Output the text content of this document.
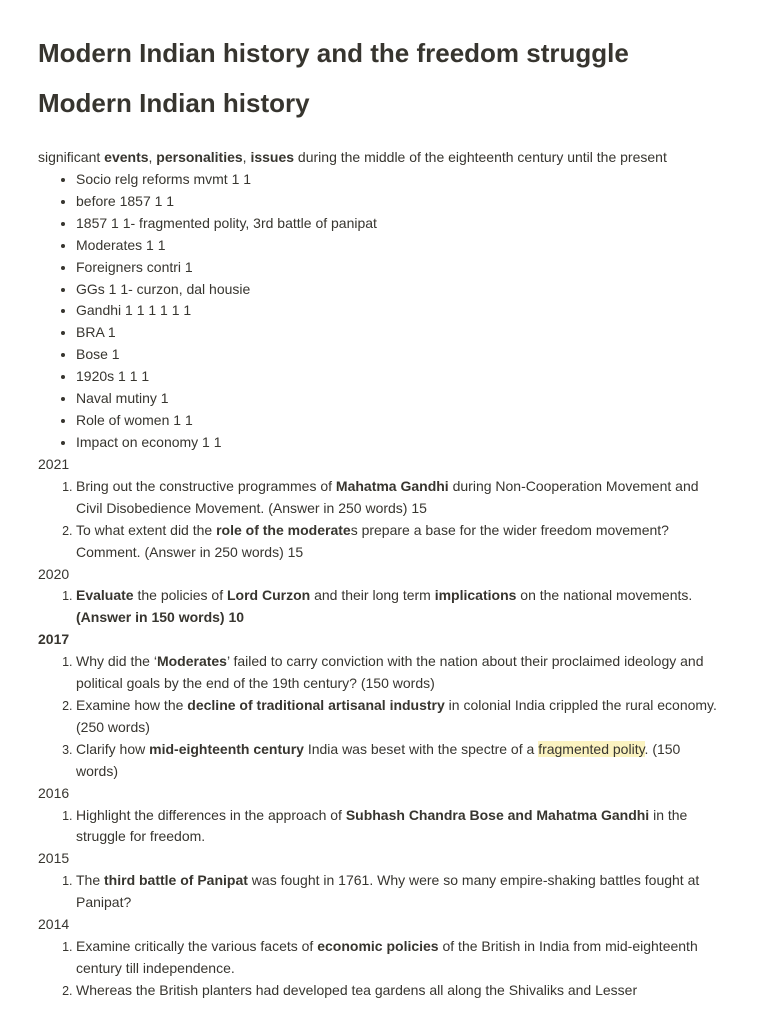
Modern Indian history and the freedom struggle
Modern Indian history
significant events, personalities, issues during the middle of the eighteenth century until the present
• Socio relg reforms mvmt 1 1
• before 1857 1 1
• 1857 1 1- fragmented polity, 3rd battle of panipat
• Moderates 1 1
• Foreigners contri 1
• GGs 1 1- curzon, dal housie
• Gandhi 1 1 1 1 1 1
• BRA 1
• Bose 1
• 1920s 1 1 1
• Naval mutiny 1
• Role of women 1 1
• Impact on economy 1 1
2021
1. Bring out the constructive programmes of Mahatma Gandhi during Non-Cooperation Movement and Civil Disobedience Movement. (Answer in 250 words) 15
2. To what extent did the role of the moderates prepare a base for the wider freedom movement? Comment. (Answer in 250 words) 15
2020
1. Evaluate the policies of Lord Curzon and their long term implications on the national movements. (Answer in 150 words) 10
2017
1. Why did the ‘Moderates’ failed to carry conviction with the nation about their proclaimed ideology and political goals by the end of the 19th century? (150 words)
2. Examine how the decline of traditional artisanal industry in colonial India crippled the rural economy. (250 words)
3. Clarify how mid-eighteenth century India was beset with the spectre of a fragmented polity. (150 words)
2016
1. Highlight the differences in the approach of Subhash Chandra Bose and Mahatma Gandhi in the struggle for freedom.
2015
1. The third battle of Panipat was fought in 1761. Why were so many empire-shaking battles fought at Panipat?
2014
1. Examine critically the various facets of economic policies of the British in India from mid-eighteenth century till independence.
2. Whereas the British planters had developed tea gardens all along the Shivaliks and Lesser
